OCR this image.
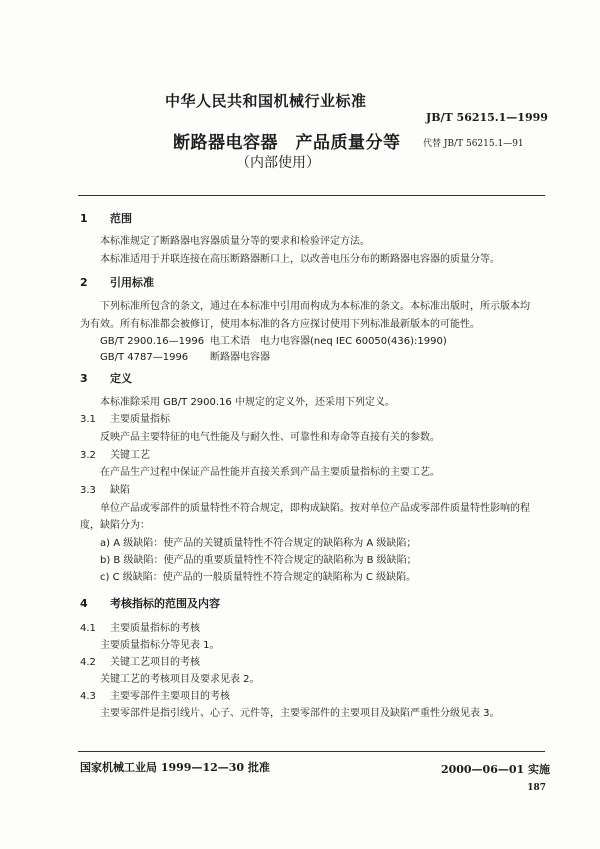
中华人民共和国机械行业标准
JB/T 56215.1—1999
断路器电容器　产品质量分等	代替 JB/T 56215.1—91
（内部使用）
1 范围
本标准规定了断路器电容器质量分等的要求和检验评定方法。
本标准适用于并联连接在高压断路器断口上，以改善电压分布的断路器电容器的质量分等。
2 引用标准
下列标准所包含的条文，通过在本标准中引用而构成为本标准的条文。本标准出版时，所示版本均
为有效。所有标准都会被修订，使用本标准的各方应探讨使用下列标准最新版本的可能性。
GB/T 2900.16—1996 电工术语　电力电容器(neq IEC 60050(436):1990)
GB/T 4787—1996 断路器电容器
3 定义
本标准除采用 GB/T 2900.16 中规定的定义外，还采用下列定义。
3.1 主要质量指标
反映产品主要特征的电气性能及与耐久性、可靠性和寿命等直接有关的参数。
3.2 关键工艺
在产品生产过程中保证产品性能并直接关系到产品主要质量指标的主要工艺。
3.3 缺陷
单位产品或零部件的质量特性不符合规定，即构成缺陷。按对单位产品或零部件质量特性影响的程
度，缺陷分为：
a) A 级缺陷：使产品的关键质量特性不符合规定的缺陷称为 A 级缺陷；
b) B 级缺陷：使产品的重要质量特性不符合规定的缺陷称为 B 级缺陷；
c) C 级缺陷：使产品的一般质量特性不符合规定的缺陷称为 C 级缺陷。
4 考核指标的范围及内容
4.1 主要质量指标的考核
主要质量指标分等见表 1。
4.2 关键工艺项目的考核
关键工艺的考核项目及要求见表 2。
4.3 主要零部件主要项目的考核
主要零部件是指引线片、心子、元件等，主要零部件的主要项目及缺陷严重性分级见表 3。
国家机械工业局 1999—12—30 批准	2000—06—01 实施
187
